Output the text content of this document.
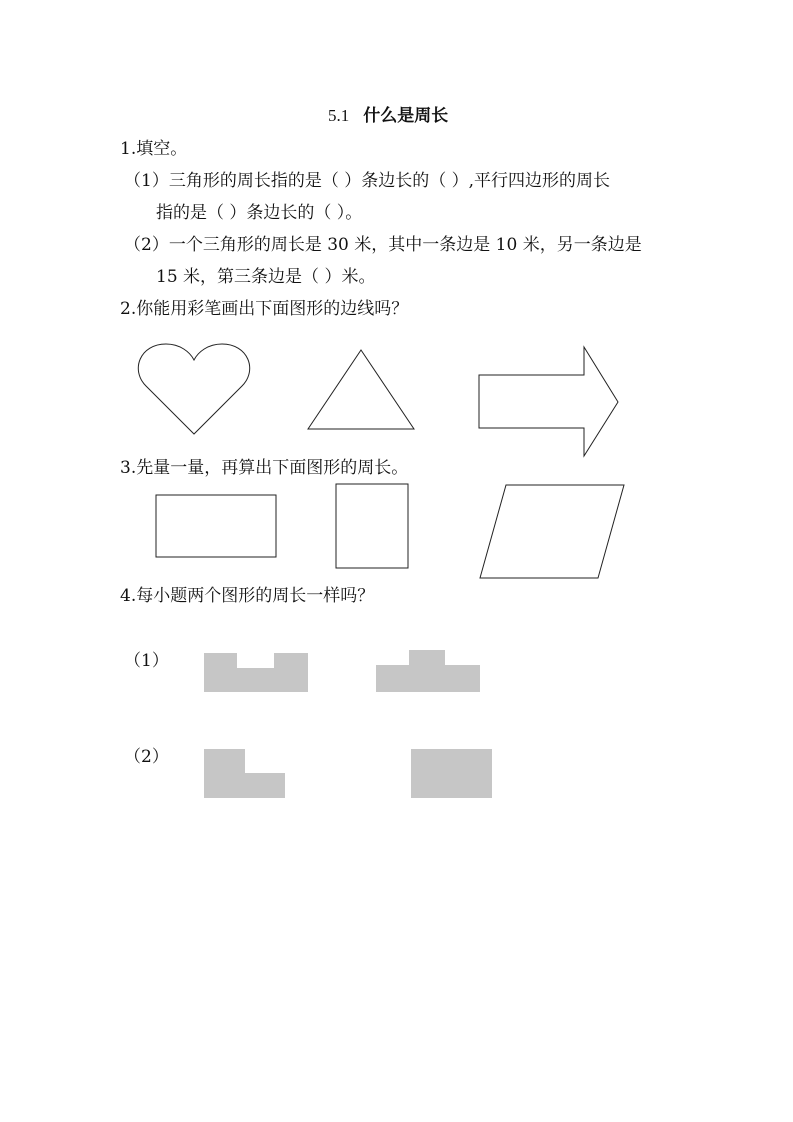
5.1 什么是周长
1.填空。
（1）三角形的周长指的是（ ）条边长的（ ）,平行四边形的周长
指的是（ ）条边长的（ ）。
（2）一个三角形的周长是 30 米，其中一条边是 10 米，另一条边是
15 米，第三条边是（ ）米。
2.你能用彩笔画出下面图形的边线吗？
3.先量一量，再算出下面图形的周长。
4.每小题两个图形的周长一样吗？
（1）
（2）
